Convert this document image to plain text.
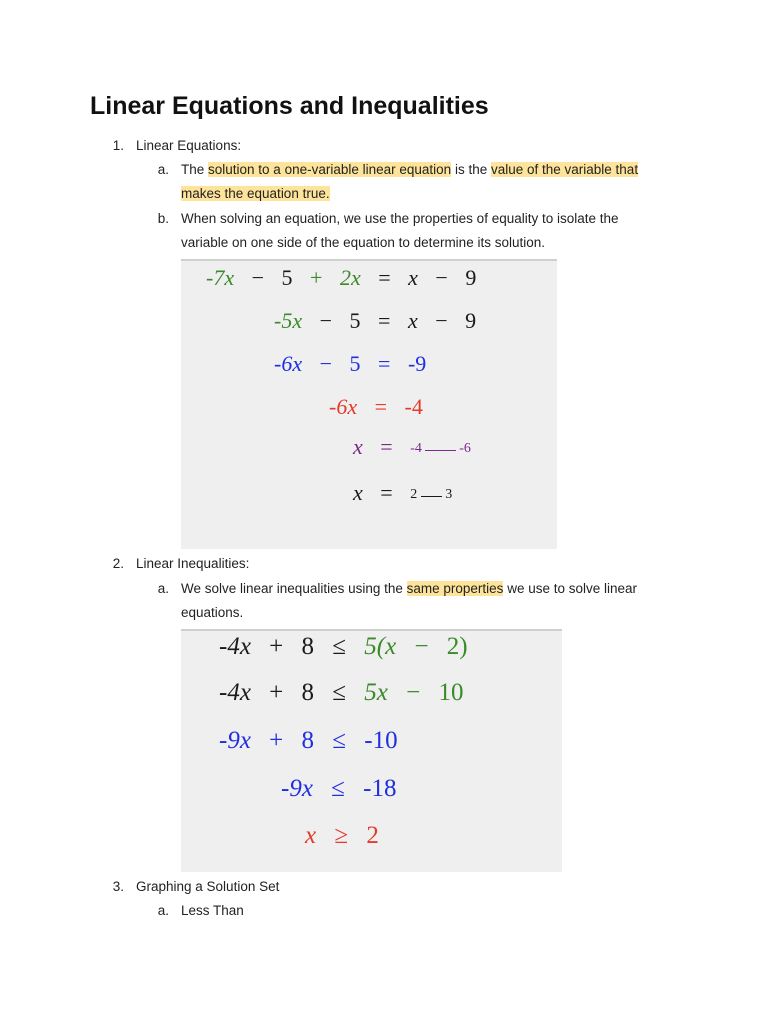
Linear Equations and Inequalities
1. Linear Equations:
a. The solution to a one-variable linear equation is the value of the variable that
makes the equation true.
b. When solving an equation, we use the properties of equality to isolate the
variable on one side of the equation to determine its solution.
-7x − 5 + 2x = x − 9
-5x − 5 = x − 9
-6x − 5 = -9
-6x = -4
x = -4	-6
x = 2 3
2. Linear Inequalities:
a. We solve linear inequalities using the same properties we use to solve linear
equations.
-4x + 8 ≤ 5(x − 2)
-4x + 8 ≤ 5x − 10
-9x + 8 ≤ -10
-9x ≤ -18
x ≥ 2
3. Graphing a Solution Set
a. Less Than
